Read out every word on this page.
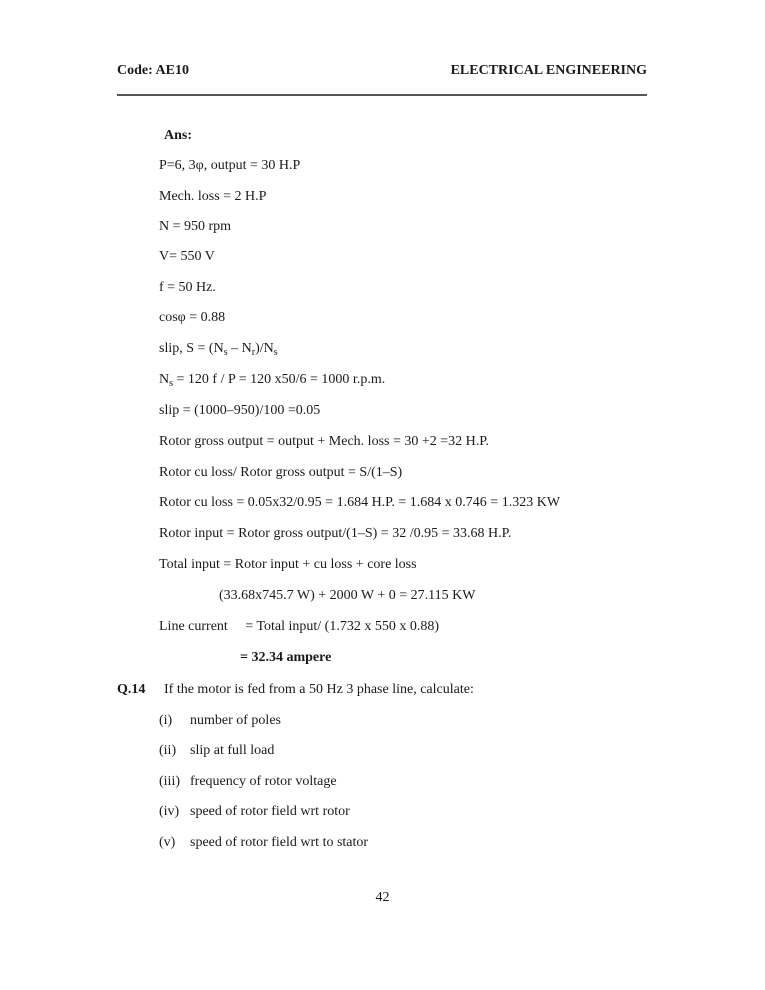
Code: AE10	ELECTRICAL ENGINEERING
Ans:
P=6, 3φ, output = 30 H.P
Mech. loss = 2 H.P
N = 950 rpm
V= 550 V
f = 50 Hz.
cosφ = 0.88
slip, $S = (N_s - N_r)/N_s$
$N_s = 120$ f / P = 120 x50/6 = 1000 r.p.m.
slip = (1000–950)/100 =0.05
Rotor gross output = output + Mech. loss = 30 +2 =32 H.P.
Rotor cu loss/ Rotor gross output = S/(1–S)
Rotor cu loss = 0.05x32/0.95 = 1.684 H.P. = 1.684 x 0.746 = 1.323 KW
Rotor input = Rotor gross output/(1–S) = 32 /0.95 = 33.68 H.P.
Total input = Rotor input + cu loss + core loss
(33.68x745.7 W) + 2000 W + 0 = 27.115 KW
Line current     = Total input/ (1.732 x 550 x 0.88)
= 32.34 ampere
Q.14 If the motor is fed from a 50 Hz 3 phase line, calculate:
(i) number of poles
(ii) slip at full load
(iii) frequency of rotor voltage
(iv) speed of rotor field wrt rotor
(v) speed of rotor field wrt to stator
42
